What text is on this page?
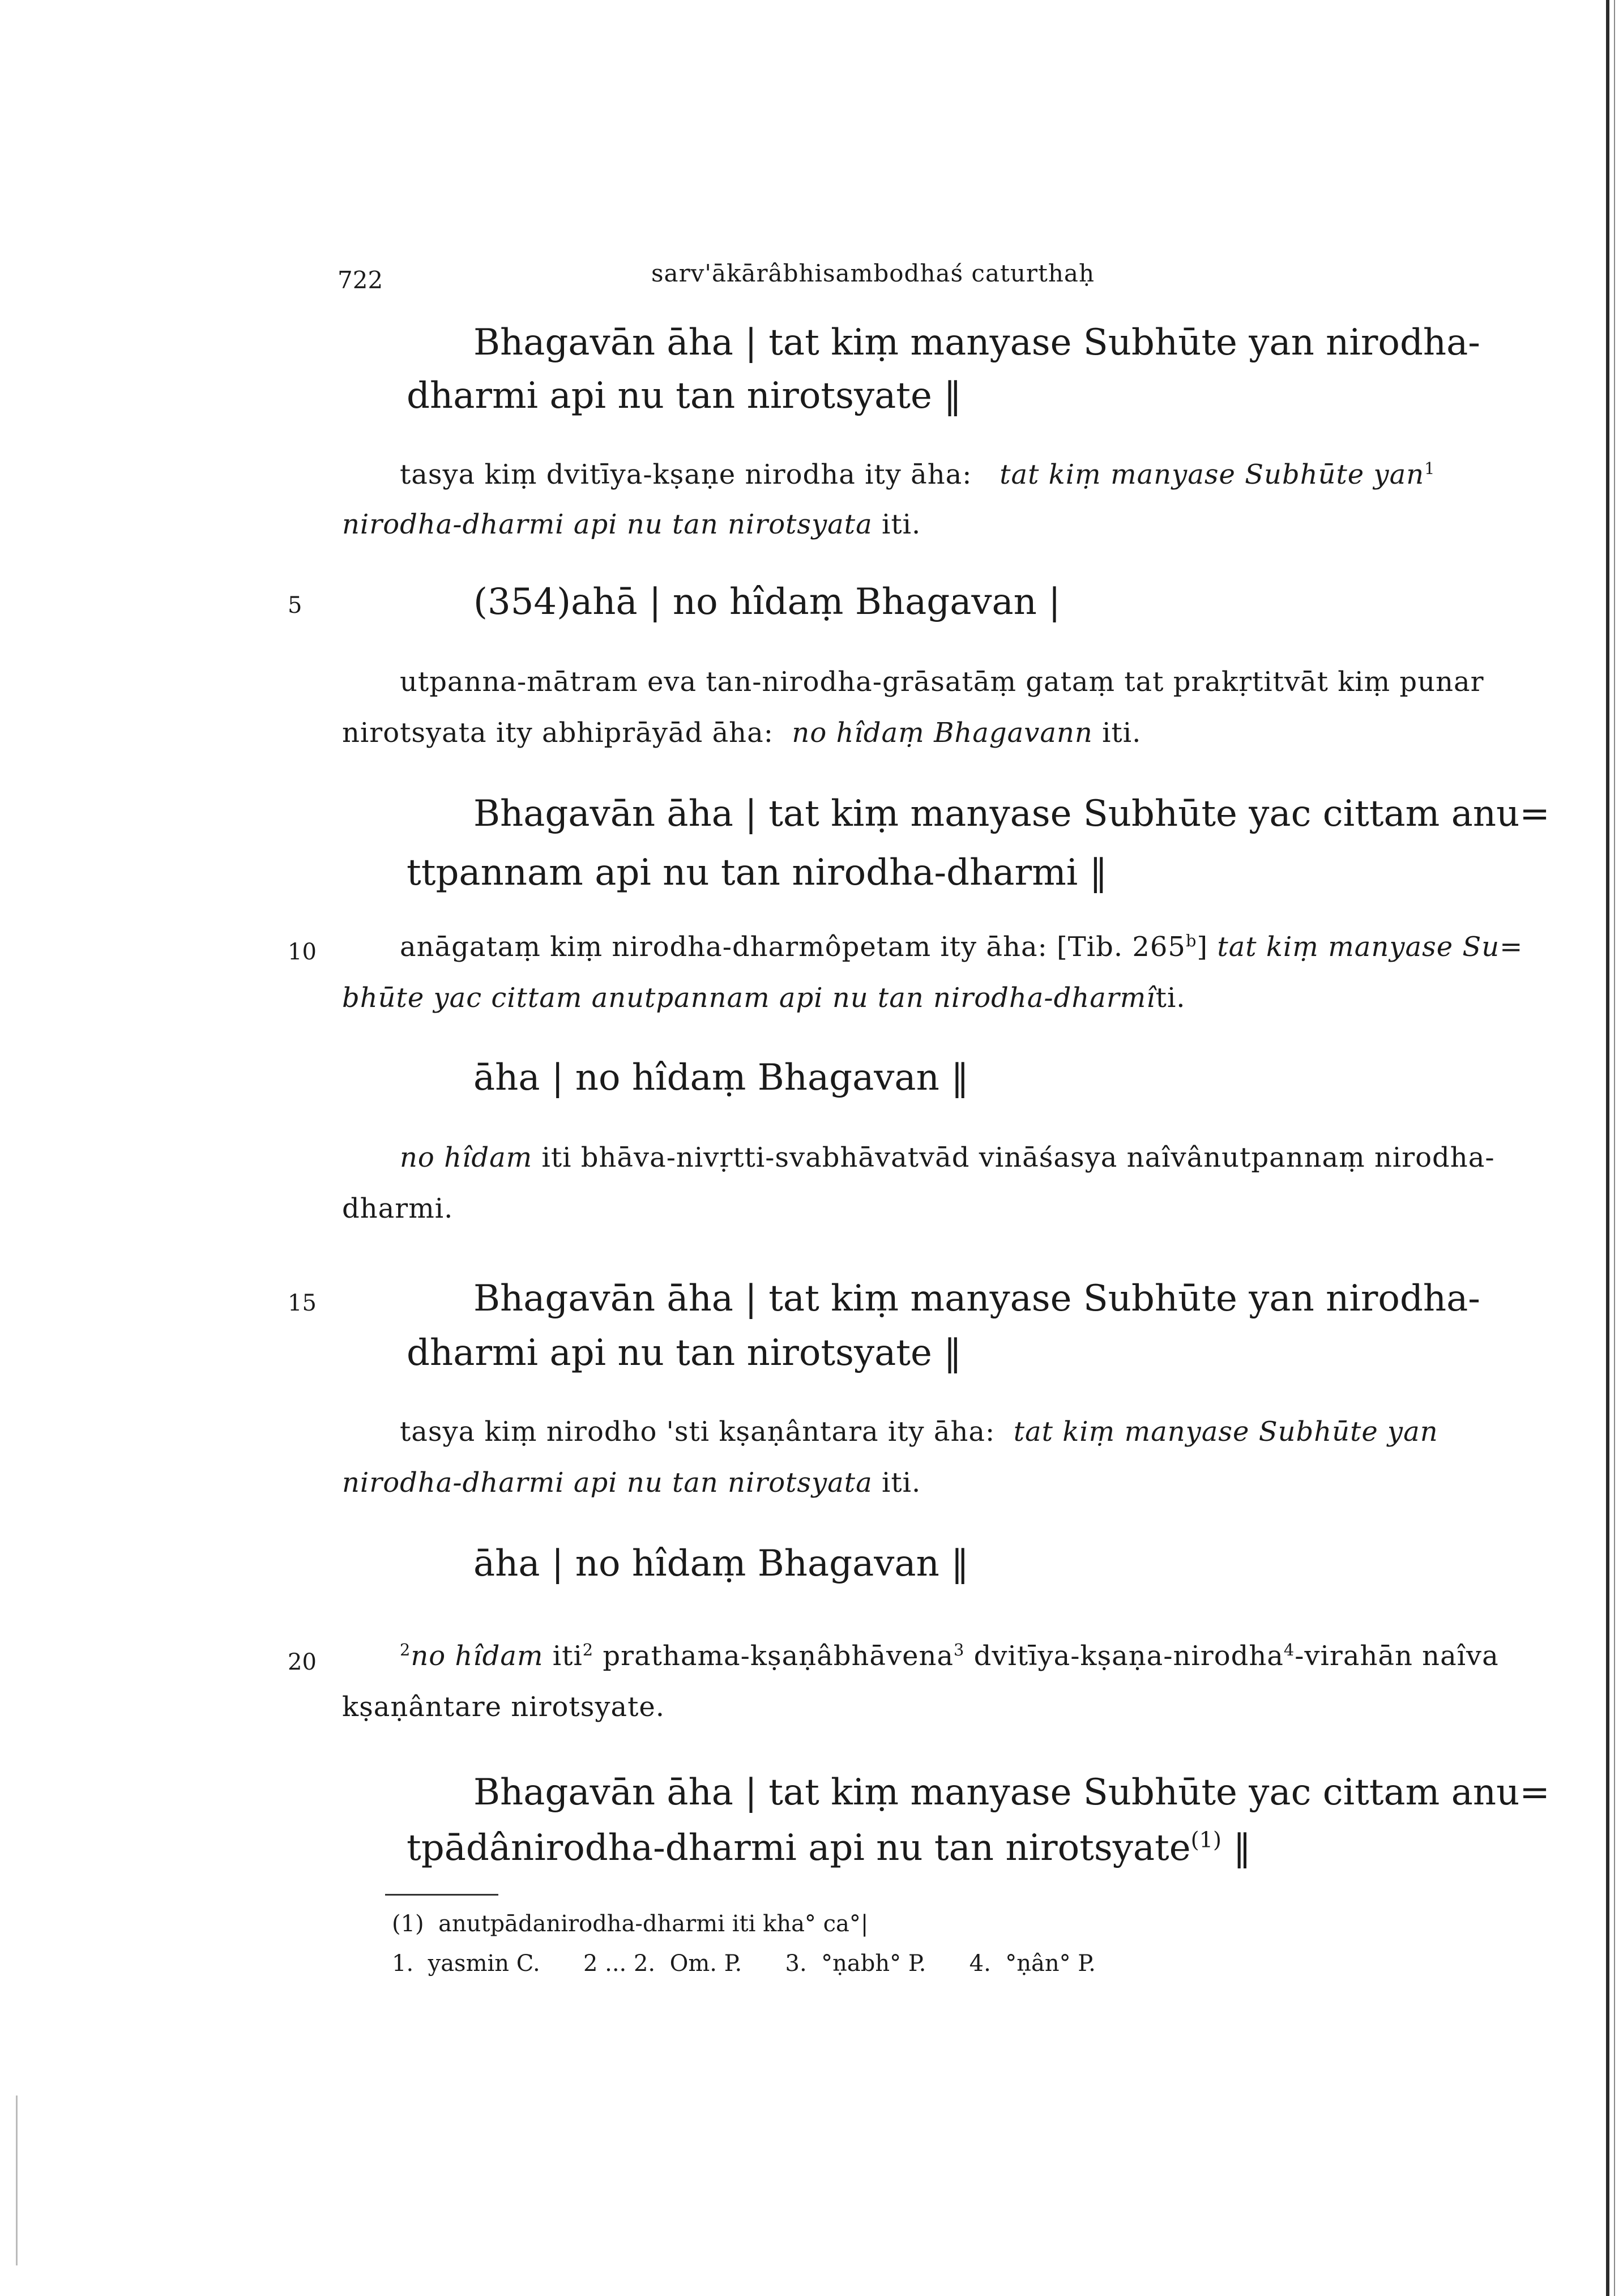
722	sarv'ākārâbhisambodhaś caturthaḥ
5
10
15
20
Bhagavān āha | tat kiṃ manyase Subhūte yan nirodha-
dharmi api nu tan nirotsyate ‖
tasya kiṃ dvitīya-kṣaṇe nirodha ity āha: tat kiṃ manyase Subhūte yan$^1$
nirodha-dharmi api nu tan nirotsyata iti.
(354)ahā | no hîdaṃ Bhagavan |
utpanna-mātram eva tan-nirodha-grāsatāṃ gataṃ tat prakṛtitvāt kiṃ punar
nirotsyata ity abhiprāyād āha: no hîdaṃ Bhagavann iti.
Bhagavān āha | tat kiṃ manyase Subhūte yac cittam anu=
ttpannam api nu tan nirodha-dharmi ‖
anāgataṃ kiṃ nirodha-dharmôpetam ity āha: [Tib. 265$^b$] tat kiṃ manyase Su=
bhūte yac cittam anutpannam api nu tan nirodha-dharmîti.
āha | no hîdaṃ Bhagavan ‖
no hîdam iti bhāva-nivṛtti-svabhāvatvād vināśasya naîvânutpannaṃ nirodha-
dharmi.
Bhagavān āha | tat kiṃ manyase Subhūte yan nirodha-
dharmi api nu tan nirotsyate ‖
tasya kiṃ nirodho 'sti kṣaṇântara ity āha: tat kiṃ manyase Subhūte yan
nirodha-dharmi api nu tan nirotsyata iti.
āha | no hîdaṃ Bhagavan ‖
$^2$no hîdam iti$^2$ prathama-kṣaṇâbhāvena$^3$ dvitīya-kṣaṇa-nirodha$^4$-virahān naîva
kṣaṇântare nirotsyate.
Bhagavān āha | tat kiṃ manyase Subhūte yac cittam anu=
tpādânirodha-dharmi api nu tan nirotsyate$^{(1)}$ ‖
(1)  anutpādanirodha-dharmi iti kha° ca°|
1.  yasmin C.      2 ... 2.  Om. P.      3.  °ṇabh° P.      4.  °ṇân° P.
